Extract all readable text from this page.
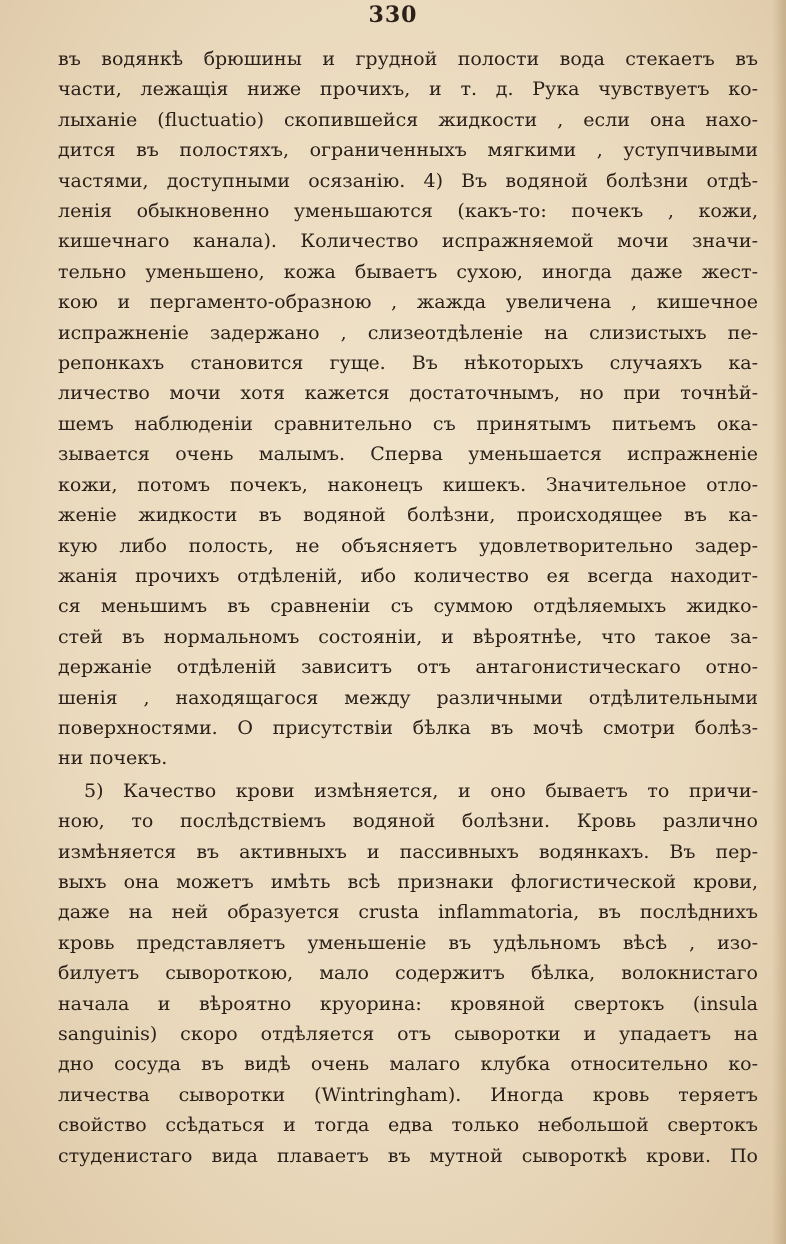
330
въ водянкѣ брюшины и грудной полости вода стекаетъ въ
части, лежащія ниже прочихъ, и т. д. Рука чувствуетъ ко-
лыханіе (fluctuatio) скопившейся жидкости , если она нахо-
дится въ полостяхъ, ограниченныхъ мягкими , уступчивыми
частями, доступными осязанію. 4) Въ водяной болѣзни отдѣ-
ленія обыкновенно уменьшаются (какъ-то: почекъ , кожи,
кишечнаго канала). Количество испражняемой мочи значи-
тельно уменьшено, кожа бываетъ сухою, иногда даже жест-
кою и пергаменто-образною , жажда увеличена , кишечное
испражненіе задержано , слизеотдѣленіе на слизистыхъ пе-
репонкахъ становится гуще. Въ нѣкоторыхъ случаяхъ ка-
личество мочи хотя кажется достаточнымъ, но при точнѣй-
шемъ наблюденіи сравнительно съ принятымъ питьемъ ока-
зывается очень малымъ. Сперва уменьшается испражненіе
кожи, потомъ почекъ, наконецъ кишекъ. Значительное отло-
женіе жидкости въ водяной болѣзни, происходящее въ ка-
кую либо полость, не объясняетъ удовлетворительно задер-
жанія прочихъ отдѣленій, ибо количество ея всегда находит-
ся меньшимъ въ сравненіи съ суммою отдѣляемыхъ жидко-
стей въ нормальномъ состояніи, и вѣроятнѣе, что такое за-
держаніе отдѣленій зависитъ отъ антагонистическаго отно-
шенія , находящагося между различными отдѣлительными
поверхностями. О присутствіи бѣлка въ мочѣ смотри болѣз-
ни почекъ.
5) Качество крови измѣняется, и оно бываетъ то причи-
ною, то послѣдствіемъ водяной болѣзни. Кровь различно
измѣняется въ активныхъ и пассивныхъ водянкахъ. Въ пер-
выхъ она можетъ имѣть всѣ признаки флогистической крови,
даже на ней образуется crusta inflammatoria, въ послѣднихъ
кровь представляетъ уменьшеніе въ удѣльномъ вѣсѣ , изо-
билуетъ сывороткою, мало содержитъ бѣлка, волокнистаго
начала и вѣроятно круорина: кровяной свертокъ (insula
sanguinis) скоро отдѣляется отъ сыворотки и упадаетъ на
дно сосуда въ видѣ очень малаго клубка относительно ко-
личества сыворотки (Wintringham). Иногда кровь теряетъ
свойство ссѣдаться и тогда едва только небольшой свертокъ
студенистаго вида плаваетъ въ мутной сывороткѣ крови. По
